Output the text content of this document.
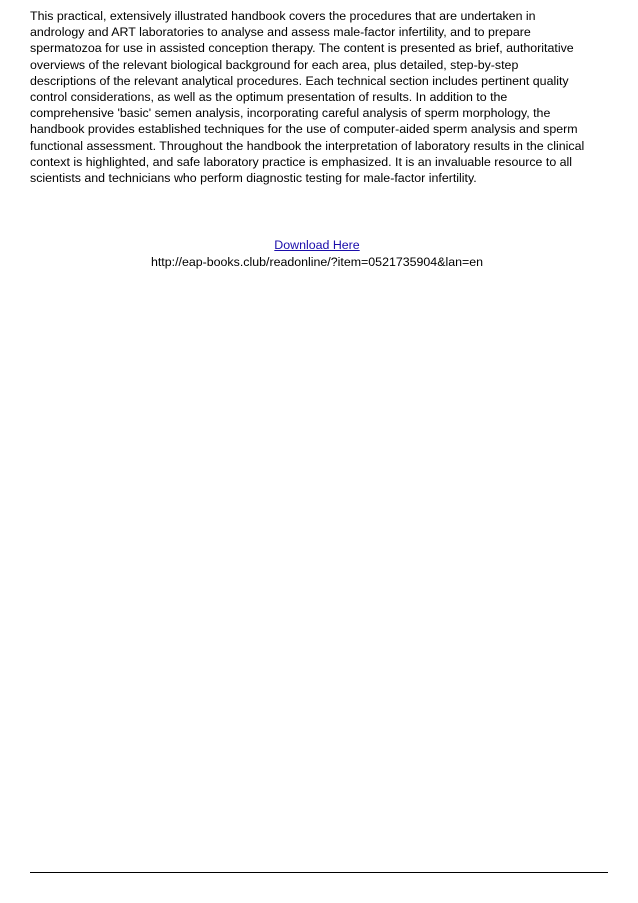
This practical, extensively illustrated handbook covers the procedures that are undertaken in
andrology and ART laboratories to analyse and assess male-factor infertility, and to prepare
spermatozoa for use in assisted conception therapy. The content is presented as brief, authoritative
overviews of the relevant biological background for each area, plus detailed, step-by-step
descriptions of the relevant analytical procedures. Each technical section includes pertinent quality
control considerations, as well as the optimum presentation of results. In addition to the
comprehensive 'basic' semen analysis, incorporating careful analysis of sperm morphology, the
handbook provides established techniques for the use of computer-aided sperm analysis and sperm
functional assessment. Throughout the handbook the interpretation of laboratory results in the clinical
context is highlighted, and safe laboratory practice is emphasized. It is an invaluable resource to all
scientists and technicians who perform diagnostic testing for male-factor infertility.
Download Here
http://eap-books.club/readonline/?item=0521735904&lan=en
